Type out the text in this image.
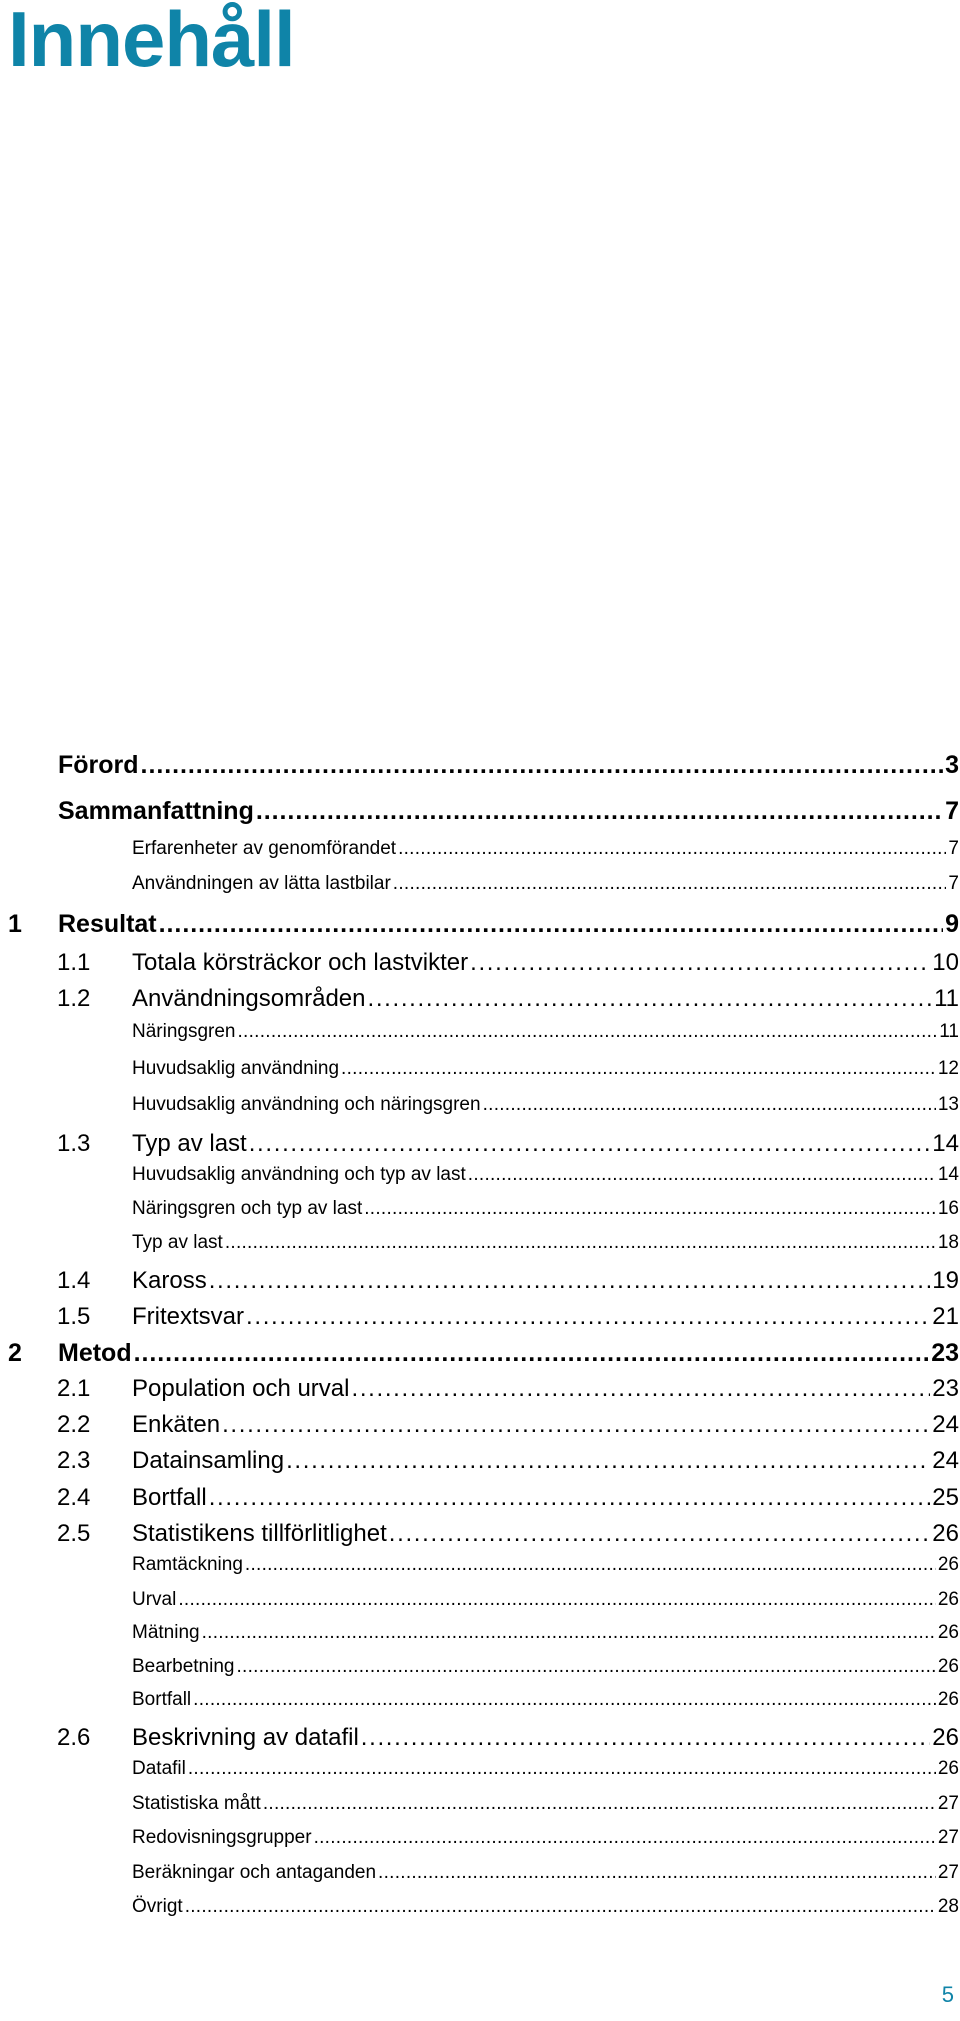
Innehåll
Förord . . .	3
Sammanfattning . . .	7
Erfarenheter av genomförandet . . .	7
Användningen av lätta lastbilar . . .	7
1	Resultat . . .	9
1.1	Totala körsträckor och lastvikter . . .	10
1.2	Användningsområden . . .	11
Näringsgren . . .	11
Huvudsaklig användning . . .	12
Huvudsaklig användning och näringsgren . . .	13
1.3	Typ av last . . .	14
Huvudsaklig användning och typ av last . . .	14
Näringsgren och typ av last . . .	16
Typ av last . . .	18
1.4	Kaross . . .	19
1.5	Fritextsvar . . .	21
2	Metod . . .	23
2.1	Population och urval . . .	23
2.2	Enkäten . . .	24
2.3	Datainsamling . . .	24
2.4	Bortfall . . .	25
2.5	Statistikens tillförlitlighet . . .	26
Ramtäckning . . .	26
Urval . . .	26
Mätning . . .	26
Bearbetning . . .	26
Bortfall . . .	26
2.6	Beskrivning av datafil . . .	26
Datafil . . .	26
Statistiska mått . . .	27
Redovisningsgrupper . . .	27
Beräkningar och antaganden . . .	27
Övrigt . . .	28

5
